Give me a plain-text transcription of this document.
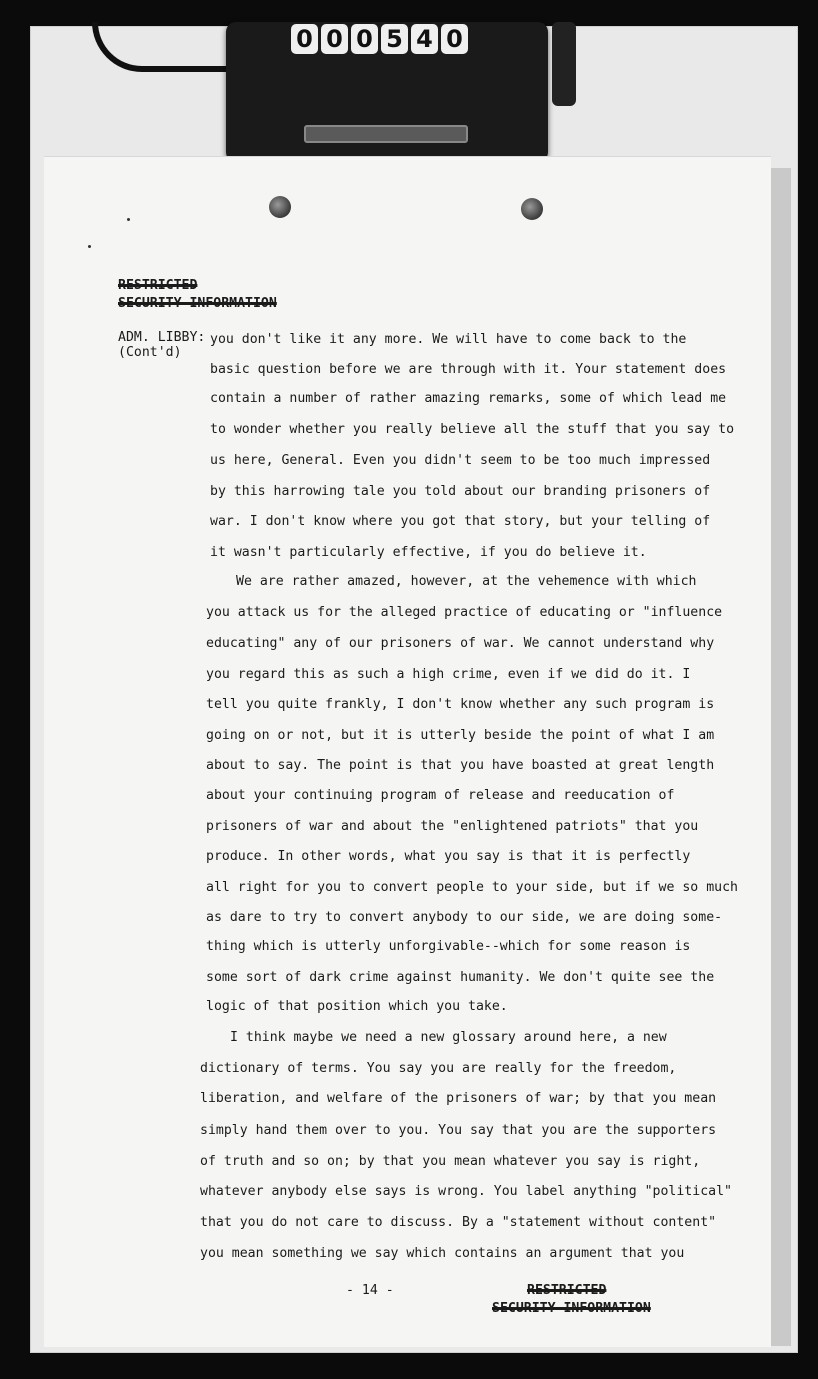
0 0 0 5 4 0
RESTRICTED
SECURITY INFORMATION
ADM. LIBBY:
(Cont'd)
you don't like it any more. We will have to come back to the
basic question before we are through with it. Your statement does
contain a number of rather amazing remarks, some of which lead me
to wonder whether you really believe all the stuff that you say to
us here, General. Even you didn't seem to be too much impressed
by this harrowing tale you told about our branding prisoners of
war. I don't know where you got that story, but your telling of
it wasn't particularly effective, if you do believe it.
We are rather amazed, however, at the vehemence with which
you attack us for the alleged practice of educating or "influence
educating" any of our prisoners of war. We cannot understand why
you regard this as such a high crime, even if we did do it. I
tell you quite frankly, I don't know whether any such program is
going on or not, but it is utterly beside the point of what I am
about to say. The point is that you have boasted at great length
about your continuing program of release and reeducation of
prisoners of war and about the "enlightened patriots" that you
produce. In other words, what you say is that it is perfectly
all right for you to convert people to your side, but if we so much
as dare to try to convert anybody to our side, we are doing some-
thing which is utterly unforgivable--which for some reason is
some sort of dark crime against humanity. We don't quite see the
logic of that position which you take.
I think maybe we need a new glossary around here, a new
dictionary of terms. You say you are really for the freedom,
liberation, and welfare of the prisoners of war; by that you mean
simply hand them over to you. You say that you are the supporters
of truth and so on; by that you mean whatever you say is right,
whatever anybody else says is wrong. You label anything "political"
that you do not care to discuss. By a "statement without content"
you mean something we say which contains an argument that you
- 14 -	RESTRICTED
SECURITY INFORMATION
